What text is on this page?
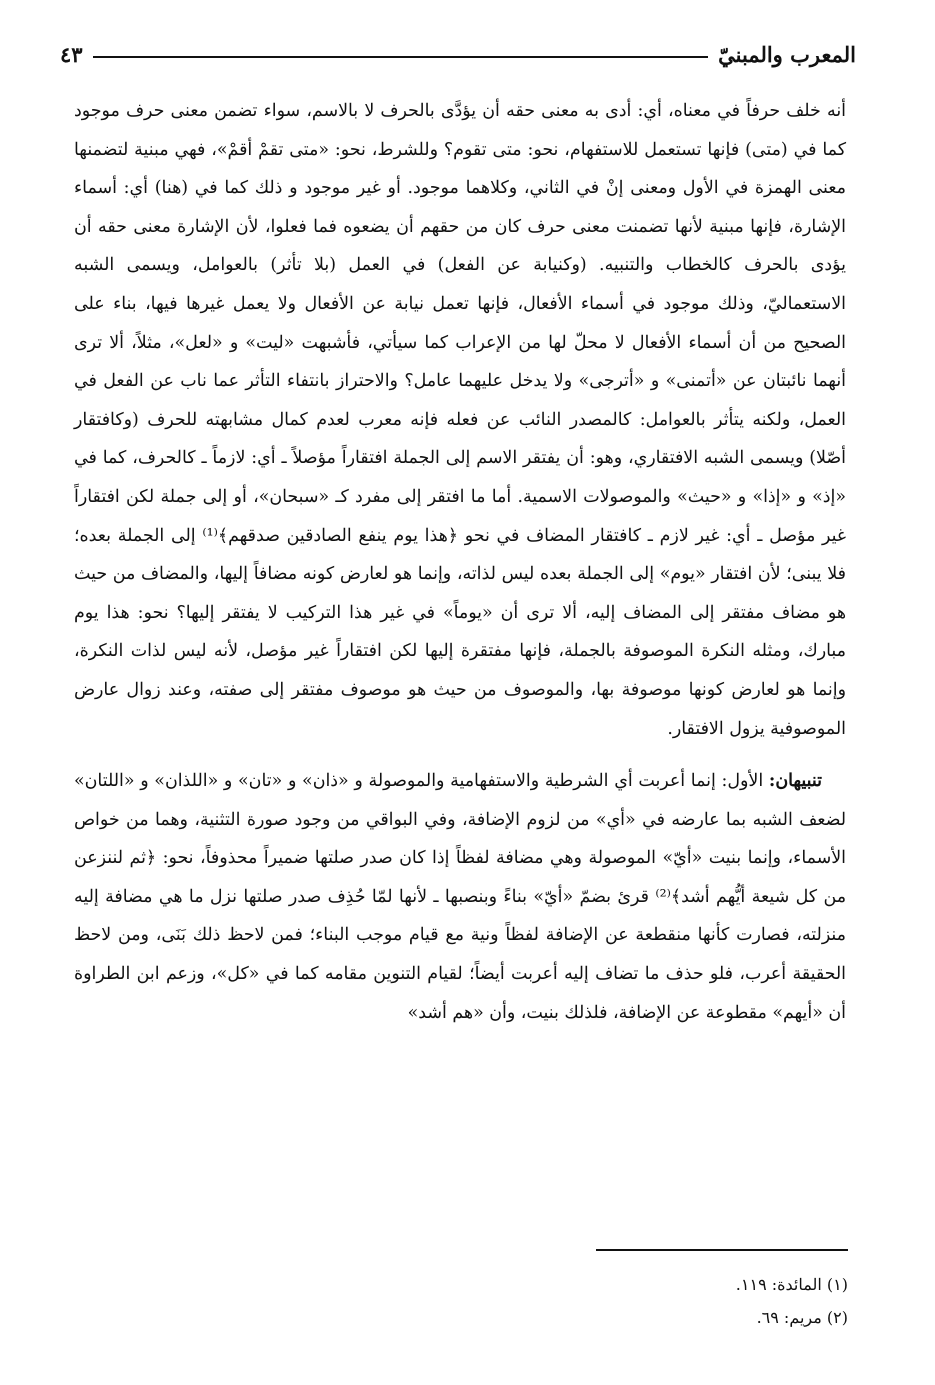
المعرب والمبنيّ
٤٣

أنه خلف حرفاً في معناه، أي: أدى به معنى حقه أن يؤدَّى بالحرف لا بالاسم، سواء تضمن معنى حرف موجود كما في (متى) فإنها تستعمل للاستفهام، نحو: متى تقوم؟ وللشرط، نحو: «متى تقمْ أقمْ»، فهي مبنية لتضمنها معنى الهمزة في الأول ومعنى إنْ في الثاني، وكلاهما موجود. أو غير موجود و ذلك كما في (هنا) أي: أسماء الإشارة، فإنها مبنية لأنها تضمنت معنى حرف كان من حقهم أن يضعوه فما فعلوا، لأن الإشارة معنى حقه أن يؤدى بالحرف كالخطاب والتنبيه. (وكنيابة عن الفعل) في العمل (بلا تأثر) بالعوامل، ويسمى الشبه الاستعماليّ، وذلك موجود في أسماء الأفعال، فإنها تعمل نيابة عن الأفعال ولا يعمل غيرها فيها، بناء على الصحيح من أن أسماء الأفعال لا محلّ لها من الإعراب كما سيأتي، فأشبهت «ليت» و «لعل»، مثلاً، ألا ترى أنهما نائبتان عن «أتمنى» و «أترجى» ولا يدخل عليهما عامل؟ والاحتراز بانتفاء التأثر عما ناب عن الفعل في العمل، ولكنه يتأثر بالعوامل: كالمصدر النائب عن فعله فإنه معرب لعدم كمال مشابهته للحرف (وكافتقار أصّلا) ويسمى الشبه الافتقاري، وهو: أن يفتقر الاسم إلى الجملة افتقاراً مؤصلاً ـ أي: لازماً ـ كالحرف، كما في «إذ» و «إذا» و «حيث» والموصولات الاسمية. أما ما افتقر إلى مفرد كـ «سبحان»، أو إلى جملة لكن افتقاراً غير مؤصل ـ أي: غير لازم ـ كافتقار المضاف في نحو ﴿هذا يوم ينفع الصادقين صدقهم﴾⁽¹⁾ إلى الجملة بعده؛ فلا يبنى؛ لأن افتقار «يوم» إلى الجملة بعده ليس لذاته، وإنما هو لعارض كونه مضافاً إليها، والمضاف من حيث هو مضاف مفتقر إلى المضاف إليه، ألا ترى أن «يوماً» في غير هذا التركيب لا يفتقر إليها؟ نحو: هذا يوم مبارك، ومثله النكرة الموصوفة بالجملة، فإنها مفتقرة إليها لكن افتقاراً غير مؤصل، لأنه ليس لذات النكرة، وإنما هو لعارض كونها موصوفة بها، والموصوف من حيث هو موصوف مفتقر إلى صفته، وعند زوال عارض الموصوفية يزول الافتقار.

تنبيهان: الأول: إنما أعربت أي الشرطية والاستفهامية والموصولة و «ذان» و «تان» و «اللذان» و «اللتان» لضعف الشبه بما عارضه في «أي» من لزوم الإضافة، وفي البواقي من وجود صورة التثنية، وهما من خواص الأسماء، وإنما بنيت «أيّ» الموصولة وهي مضافة لفظاً إذا كان صدر صلتها ضميراً محذوفاً، نحو: ﴿ثم لننزعن من كل شيعة أيُّهم أشد﴾⁽²⁾ قرئ بضمّ «أيّ» بناءً وبنصبها ـ لأنها لمّا حُذِف صدر صلتها نزل ما هي مضافة إليه منزلته، فصارت كأنها منقطعة عن الإضافة لفظاً ونية مع قيام موجب البناء؛ فمن لاحظ ذلك بَنَى، ومن لاحظ الحقيقة أعرب، فلو حذف ما تضاف إليه أعربت أيضاً؛ لقيام التنوين مقامه كما في «كل»، وزعم ابن الطراوة أن «أيهم» مقطوعة عن الإضافة، فلذلك بنيت، وأن «هم أشد»

(١) المائدة: ١١٩.

(٢) مريم: ٦٩.
